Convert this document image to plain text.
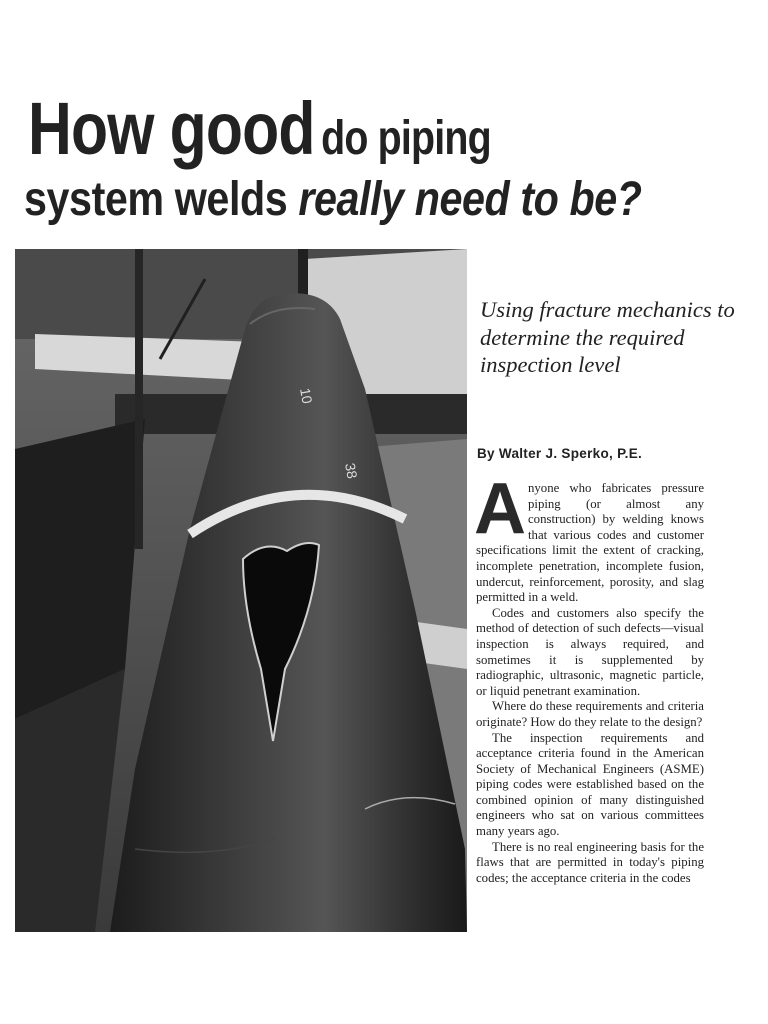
How good do piping
system welds really need to be?
10
38
Using fracture mechanics to determine the required inspection level

By Walter J. Sperko, P.E.

Anyone who fabricates pressure piping (or almost any construction) by welding knows that various codes and customer specifications limit the extent of cracking, incomplete penetration, incomplete fusion, undercut, reinforcement, porosity, and slag permitted in a weld.

Codes and customers also specify the method of detection of such defects—visual inspection is always required, and sometimes it is supplemented by radiographic, ultrasonic, magnetic particle, or liquid penetrant examination.

Where do these requirements and criteria originate? How do they relate to the design?

The inspection requirements and acceptance criteria found in the American Society of Mechanical Engineers (ASME) piping codes were established based on the combined opinion of many distinguished engineers who sat on various committees many years ago.

There is no real engineering basis for the flaws that are permitted in today's piping codes; the acceptance criteria in the codes
